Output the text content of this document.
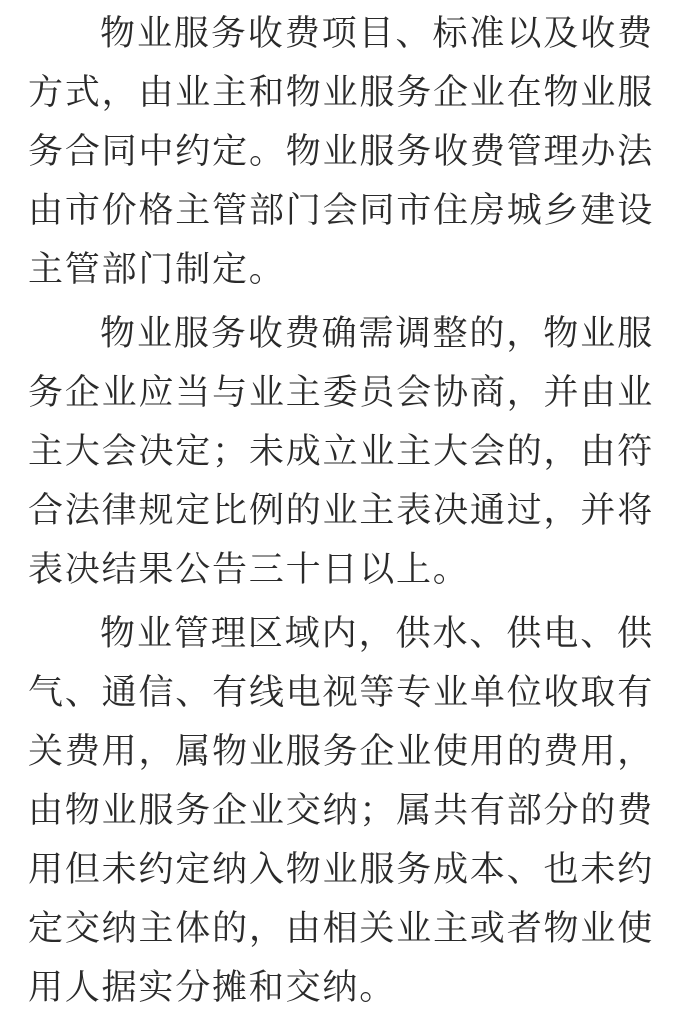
物业服务收费项目、标准以及收费方式，由业主和物业服务企业在物业服务合同中约定。物业服务收费管理办法由市价格主管部门会同市住房城乡建设主管部门制定。

物业服务收费确需调整的，物业服务企业应当与业主委员会协商，并由业主大会决定；未成立业主大会的，由符合法律规定比例的业主表决通过，并将表决结果公告三十日以上。

物业管理区域内，供水、供电、供气、通信、有线电视等专业单位收取有关费用，属物业服务企业使用的费用，由物业服务企业交纳；属共有部分的费用但未约定纳入物业服务成本、也未约定交纳主体的，由相关业主或者物业使用人据实分摊和交纳。
